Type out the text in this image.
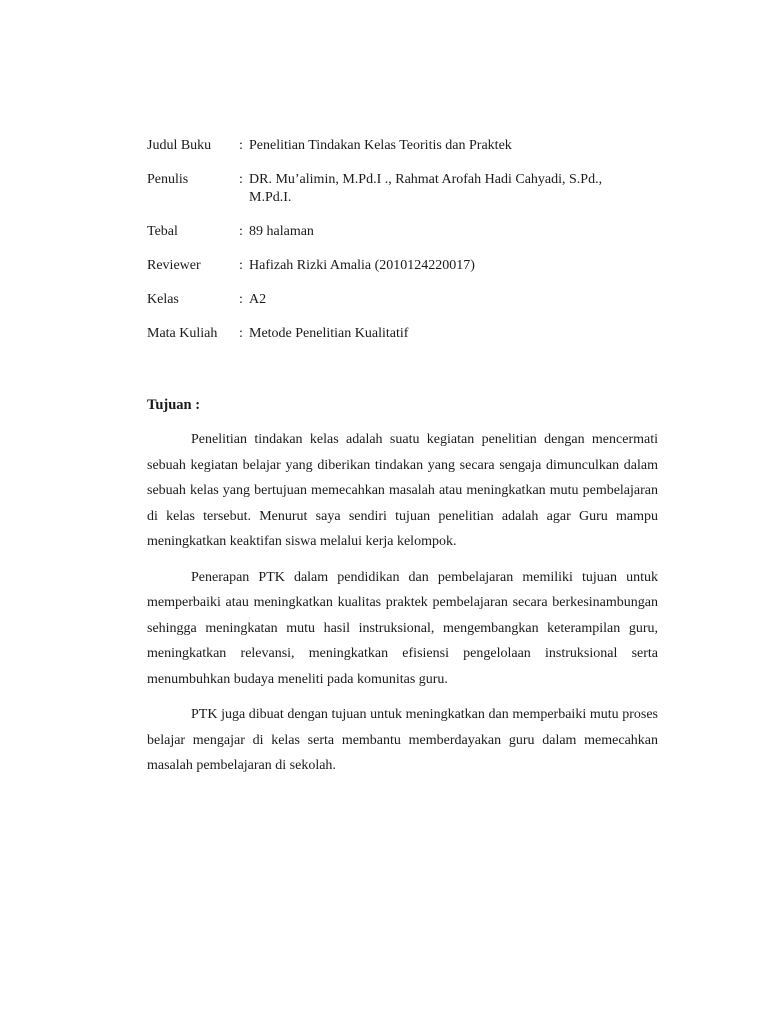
Judul Buku	: Penelitian Tindakan Kelas Teoritis dan Praktek
Penulis	: DR. Mu’alimin, M.Pd.I ., Rahmat Arofah Hadi Cahyadi, S.Pd., M.Pd.I.
Tebal	: 89 halaman
Reviewer	: Hafizah Rizki Amalia (2010124220017)
Kelas	: A2
Mata Kuliah	: Metode Penelitian Kualitatif
Tujuan :

Penelitian tindakan kelas adalah suatu kegiatan penelitian dengan mencermati sebuah kegiatan belajar yang diberikan tindakan yang secara sengaja dimunculkan dalam sebuah kelas yang bertujuan memecahkan masalah atau meningkatkan mutu pembelajaran di kelas tersebut. Menurut saya sendiri tujuan penelitian adalah agar Guru mampu meningkatkan keaktifan siswa melalui kerja kelompok.

Penerapan PTK dalam pendidikan dan pembelajaran memiliki tujuan untuk memperbaiki atau meningkatkan kualitas praktek pembelajaran secara berkesinambungan sehingga meningkatan mutu hasil instruksional, mengembangkan keterampilan guru, meningkatkan relevansi, meningkatkan efisiensi pengelolaan instruksional serta menumbuhkan budaya meneliti pada komunitas guru.

PTK juga dibuat dengan tujuan untuk meningkatkan dan memperbaiki mutu proses belajar mengajar di kelas serta membantu memberdayakan guru dalam memecahkan masalah pembelajaran di sekolah.
